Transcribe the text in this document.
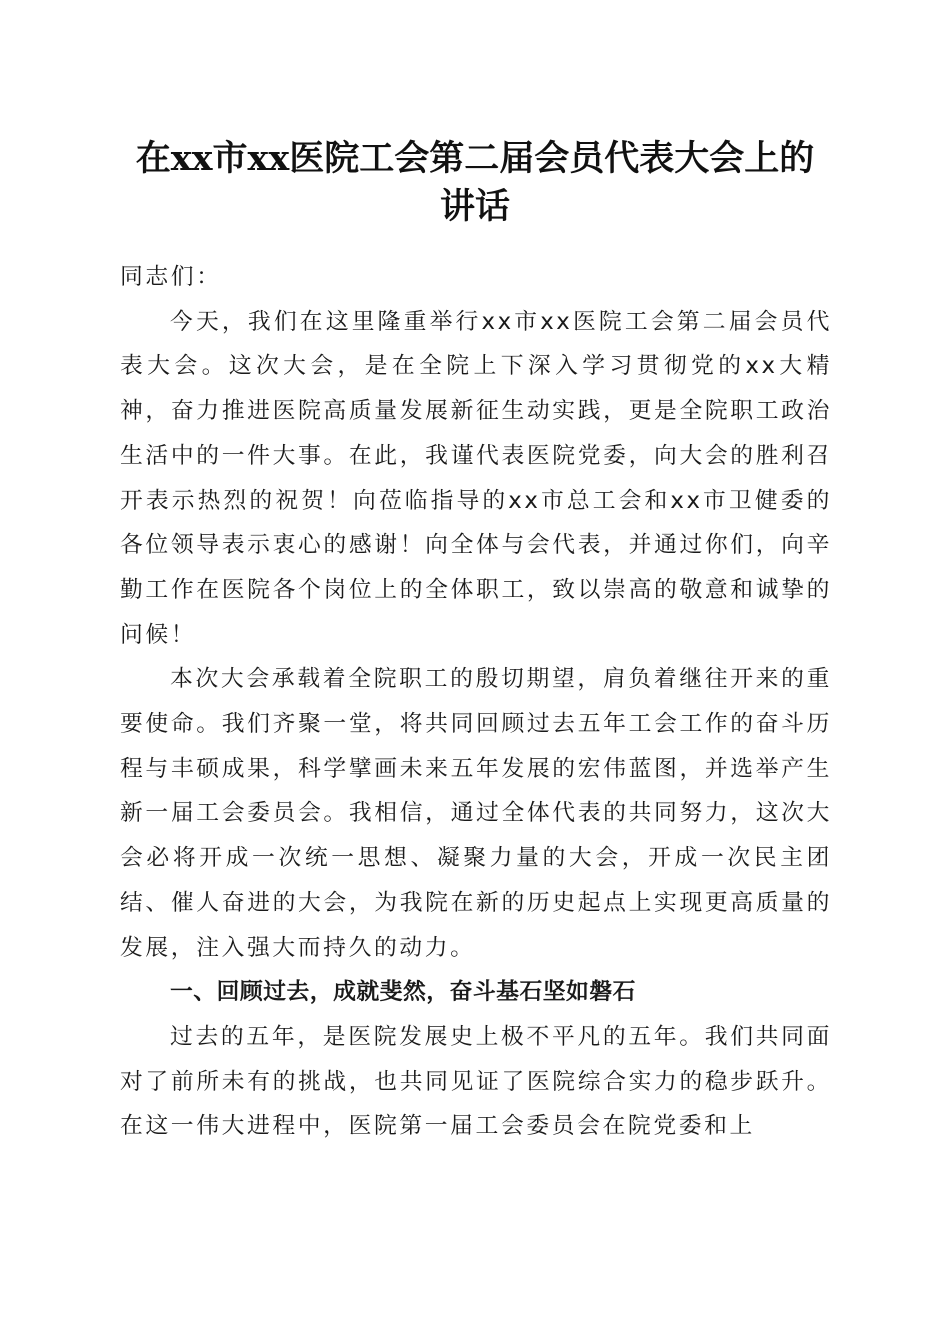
在xx市xx医院工会第二届会员代表大会上的
讲话

同志们：

今天，我们在这里隆重举行xx市xx医院工会第二届会员代表大会。这次大会，是在全院上下深入学习贯彻党的xx大精神，奋力推进医院高质量发展新征生动实践，更是全院职工政治生活中的一件大事。在此，我谨代表医院党委，向大会的胜利召开表示热烈的祝贺！向莅临指导的xx市总工会和xx市卫健委的各位领导表示衷心的感谢！向全体与会代表，并通过你们，向辛勤工作在医院各个岗位上的全体职工，致以崇高的敬意和诚挚的问候！

本次大会承载着全院职工的殷切期望，肩负着继往开来的重要使命。我们齐聚一堂，将共同回顾过去五年工会工作的奋斗历程与丰硕成果，科学擘画未来五年发展的宏伟蓝图，并选举产生新一届工会委员会。我相信，通过全体代表的共同努力，这次大会必将开成一次统一思想、凝聚力量的大会，开成一次民主团结、催人奋进的大会，为我院在新的历史起点上实现更高质量的发展，注入强大而持久的动力。

一、回顾过去，成就斐然，奋斗基石坚如磐石

过去的五年，是医院发展史上极不平凡的五年。我们共同面对了前所未有的挑战，也共同见证了医院综合实力的稳步跃升。在这一伟大进程中，医院第一届工会委员会在院党委和上
